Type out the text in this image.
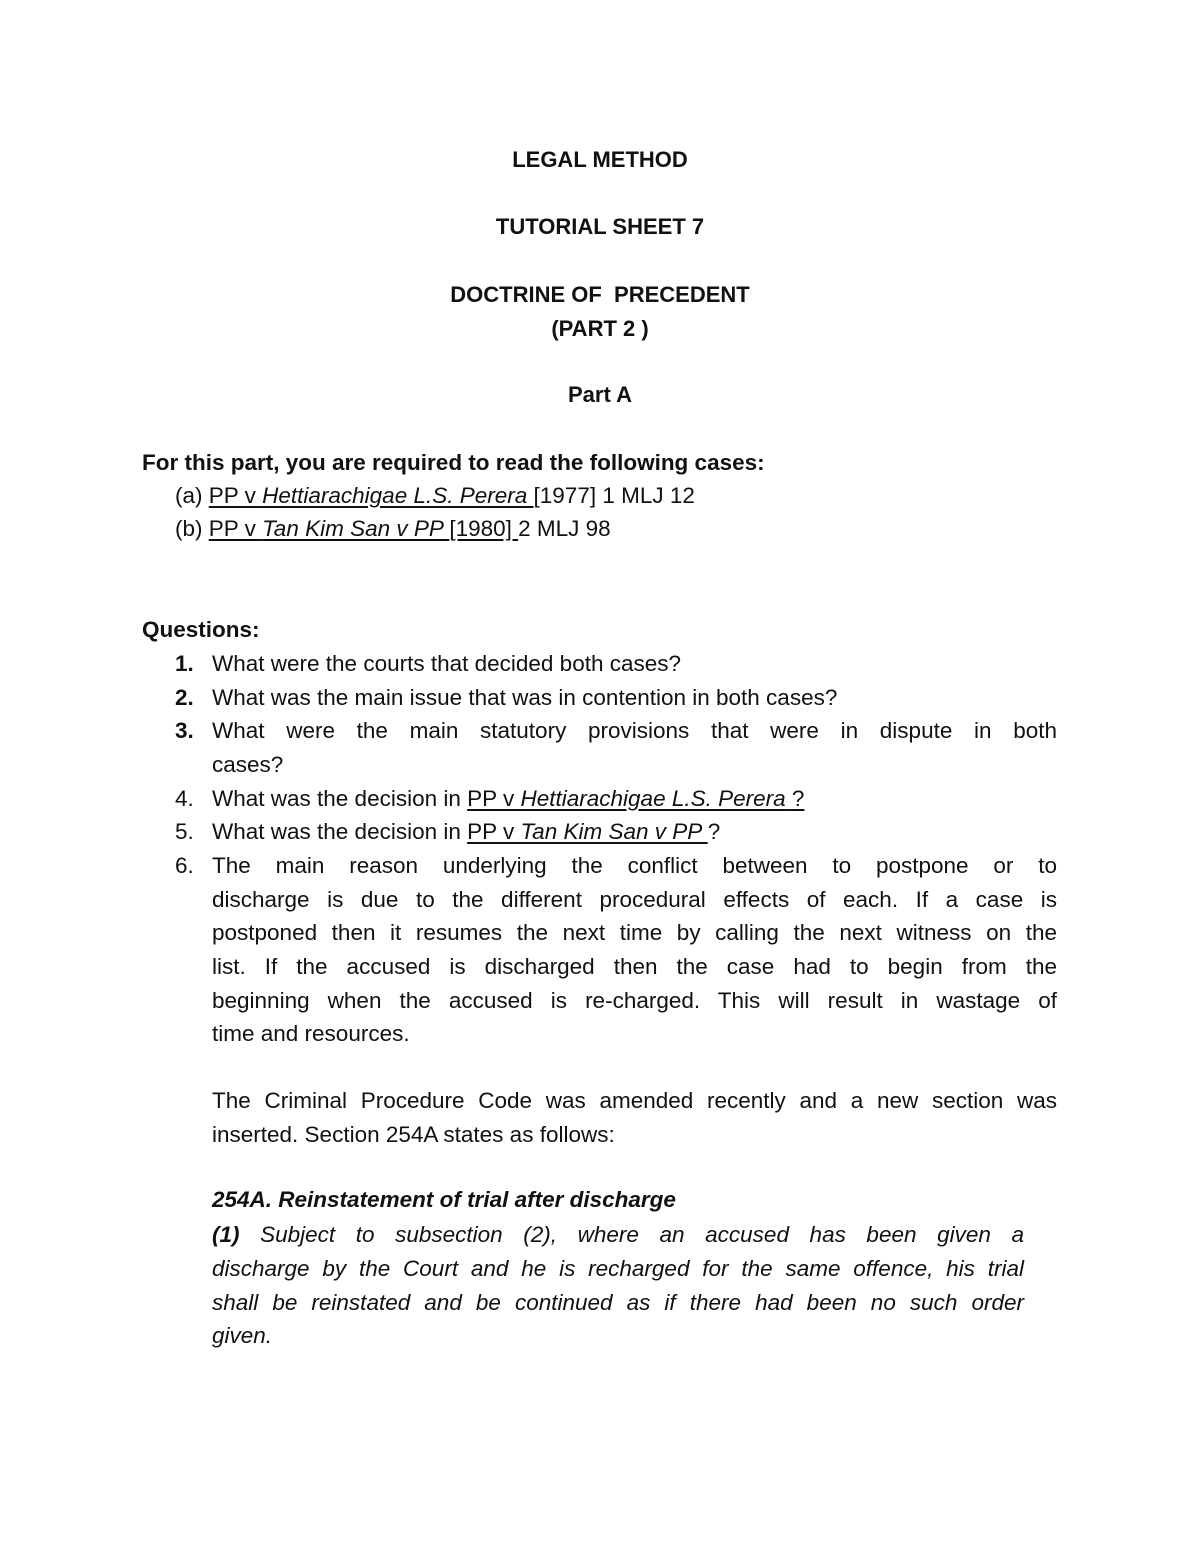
LEGAL METHOD
TUTORIAL SHEET 7
DOCTRINE OF  PRECEDENT
(PART 2 )
Part A
For this part, you are required to read the following cases:
(a) PP v Hettiarachigae L.S. Perera [1977] 1 MLJ 12
(b) PP v Tan Kim San v PP [1980] 2 MLJ 98
Questions:
1. What were the courts that decided both cases?
2. What was the main issue that was in contention in both cases?
3. What were the main statutory provisions that were in dispute in both
cases?
4. What was the decision in PP v Hettiarachigae L.S. Perera ?
5. What was the decision in PP v Tan Kim San v PP ?
6. The main reason underlying the conflict between to postpone or to
discharge is due to the different procedural effects of each. If a case is
postponed then it resumes the next time by calling the next witness on the
list. If the accused is discharged then the case had to begin from the
beginning when the accused is re-charged. This will result in wastage of
time and resources.
The Criminal Procedure Code was amended recently and a new section was
inserted. Section 254A states as follows:
254A. Reinstatement of trial after discharge
(1) Subject to subsection (2), where an accused has been given a
discharge by the Court and he is recharged for the same offence, his trial
shall be reinstated and be continued as if there had been no such order
given.
